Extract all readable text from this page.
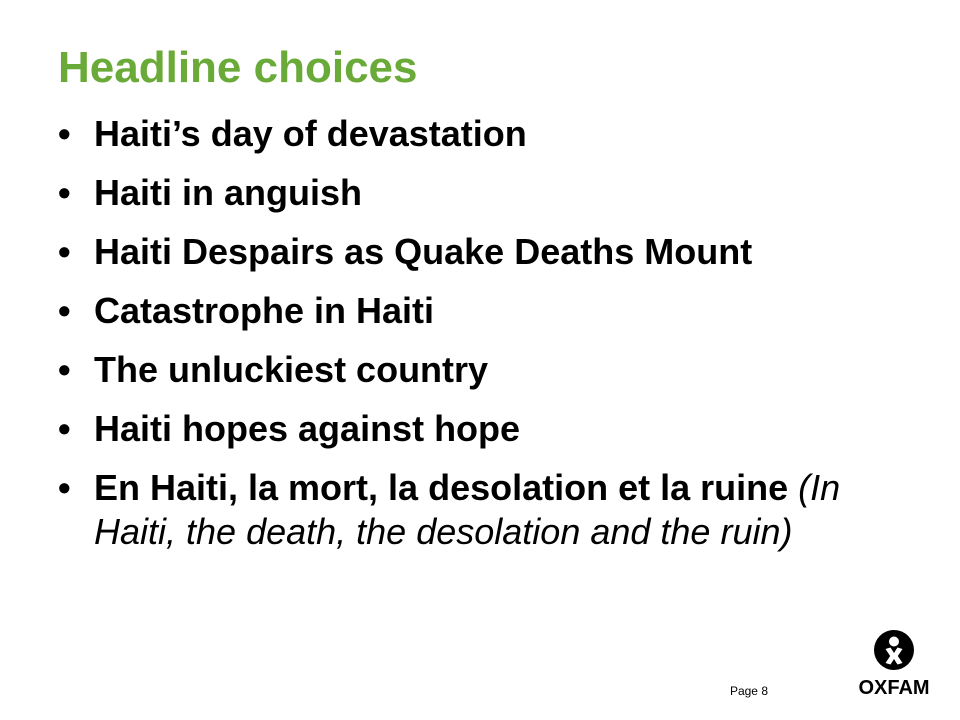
Headline choices
• Haiti’s day of devastation
• Haiti in anguish
• Haiti Despairs as Quake Deaths Mount
• Catastrophe in Haiti
• The unluckiest country
• Haiti hopes against hope
• En Haiti, la mort, la desolation et la ruine (In Haiti, the death, the desolation and the ruin)
Page 8	OXFAM
